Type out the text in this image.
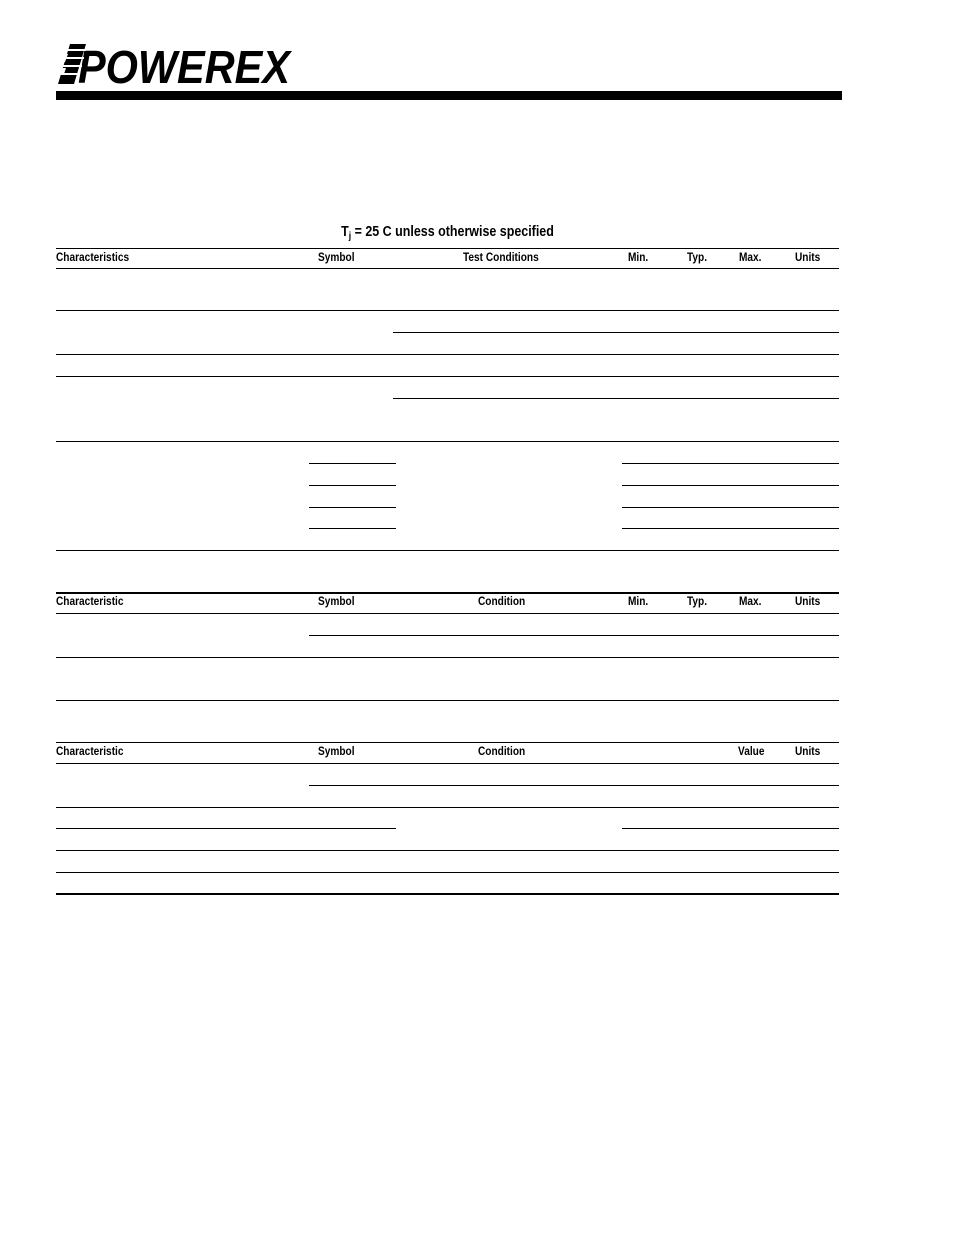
POWEREX
$T_j = 25$ C unless otherwise specified
Characteristics	Symbol	Test Conditions	Min.	Typ.	Max.	Units
Characteristic	Symbol	Condition	Min.	Typ.	Max.	Units
Characteristic	Symbol	Condition	Value	Units
